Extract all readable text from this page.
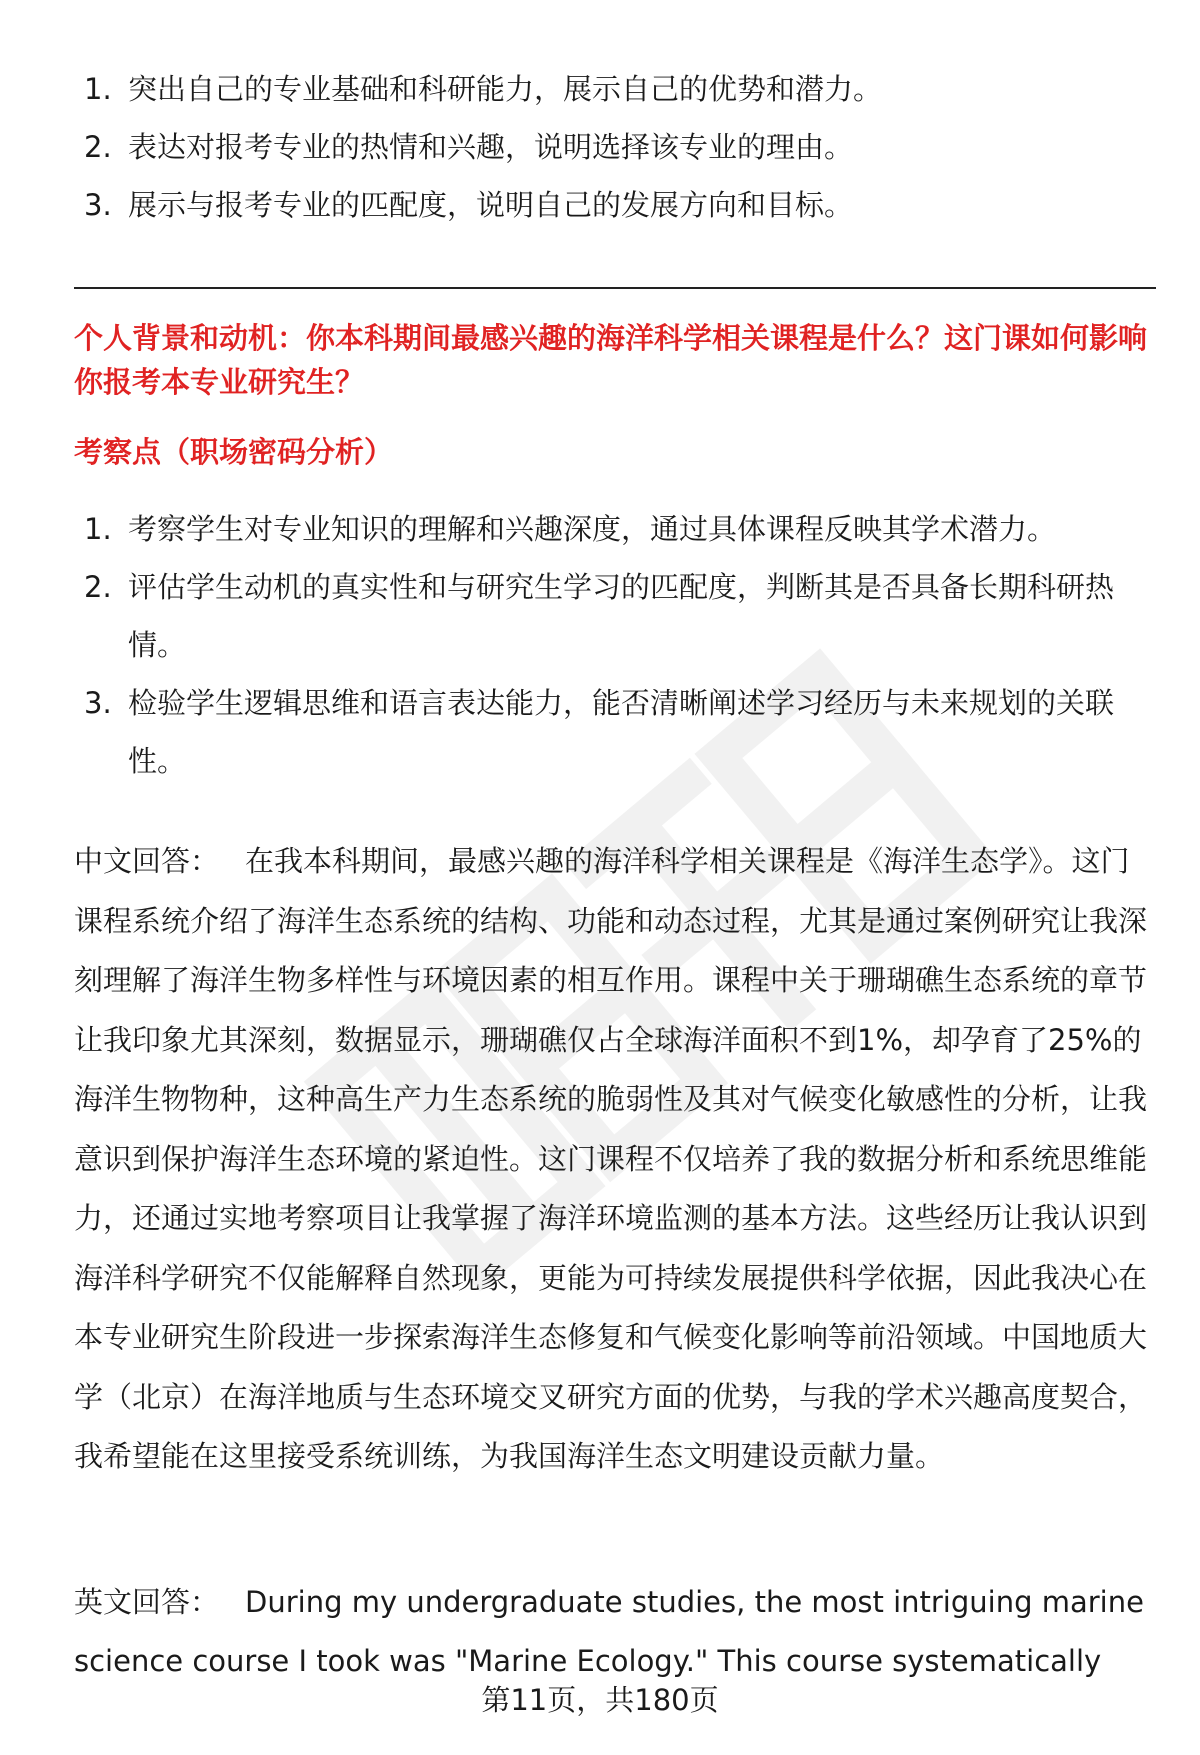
1. 突出自己的专业基础和科研能力，展示自己的优势和潜力。
2. 表达对报考专业的热情和兴趣，说明选择该专业的理由。
3. 展示与报考专业的匹配度，说明自己的发展方向和目标。

个人背景和动机：你本科期间最感兴趣的海洋科学相关课程是什么？这门课如何影响你报考本专业研究生？

考察点（职场密码分析）

1. 考察学生对专业知识的理解和兴趣深度，通过具体课程反映其学术潜力。
2. 评估学生动机的真实性和与研究生学习的匹配度，判断其是否具备长期科研热情。
3. 检验学生逻辑思维和语言表达能力，能否清晰阐述学习经历与未来规划的关联性。

中文回答： 在我本科期间，最感兴趣的海洋科学相关课程是《海洋生态学》。这门课程系统介绍了海洋生态系统的结构、功能和动态过程，尤其是通过案例研究让我深刻理解了海洋生物多样性与环境因素的相互作用。课程中关于珊瑚礁生态系统的章节让我印象尤其深刻，数据显示，珊瑚礁仅占全球海洋面积不到1%，却孕育了25%的海洋生物物种，这种高生产力生态系统的脆弱性及其对气候变化敏感性的分析，让我意识到保护海洋生态环境的紧迫性。这门课程不仅培养了我的数据分析和系统思维能力，还通过实地考察项目让我掌握了海洋环境监测的基本方法。这些经历让我认识到海洋科学研究不仅能解释自然现象，更能为可持续发展提供科学依据，因此我决心在本专业研究生阶段进一步探索海洋生态修复和气候变化影响等前沿领域。中国地质大学（北京）在海洋地质与生态环境交叉研究方面的优势，与我的学术兴趣高度契合，我希望能在这里接受系统训练，为我国海洋生态文明建设贡献力量。

英文回答： During my undergraduate studies, the most intriguing marine science course I took was "Marine Ecology." This course systematically

第11页，共180页
